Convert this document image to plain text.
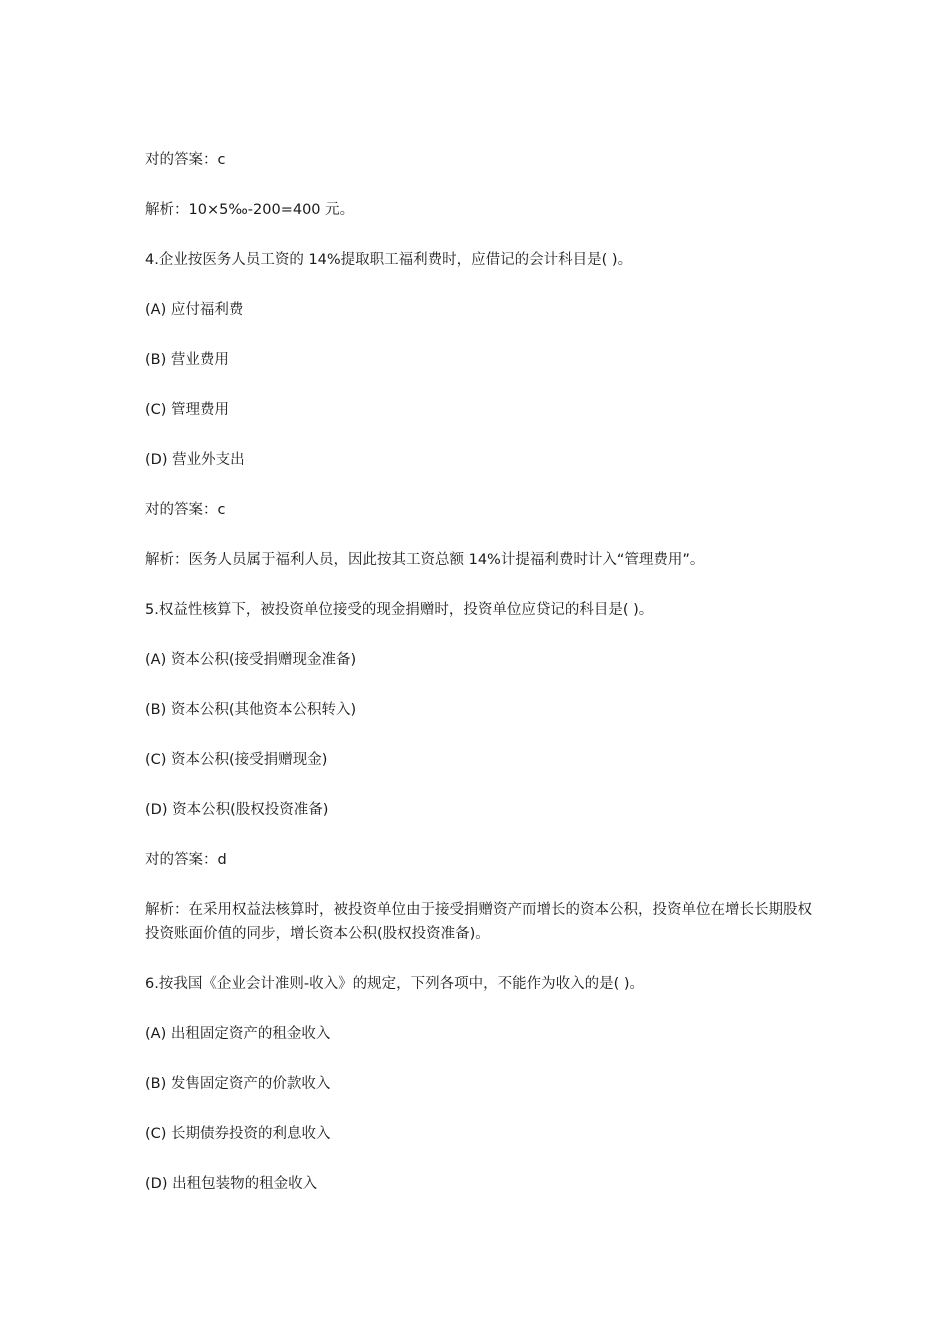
对的答案：c

解析：10×5‰-200=400 元。

4.企业按医务人员工资的 14%提取职工福利费时，应借记的会计科目是( )。

(A) 应付福利费

(B) 营业费用

(C) 管理费用

(D) 营业外支出

对的答案：c

解析：医务人员属于福利人员，因此按其工资总额 14%计提福利费时计入“管理费用”。

5.权益性核算下，被投资单位接受的现金捐赠时，投资单位应贷记的科目是( )。

(A) 资本公积(接受捐赠现金准备)

(B) 资本公积(其他资本公积转入)

(C) 资本公积(接受捐赠现金)

(D) 资本公积(股权投资准备)

对的答案：d

解析：在采用权益法核算时，被投资单位由于接受捐赠资产而增长的资本公积，投资单位在增长长期股权投资账面价值的同步，增长资本公积(股权投资准备)。

6.按我国《企业会计准则-收入》的规定，下列各项中，不能作为收入的是( )。

(A) 出租固定资产的租金收入

(B) 发售固定资产的价款收入

(C) 长期债券投资的利息收入

(D) 出租包装物的租金收入
